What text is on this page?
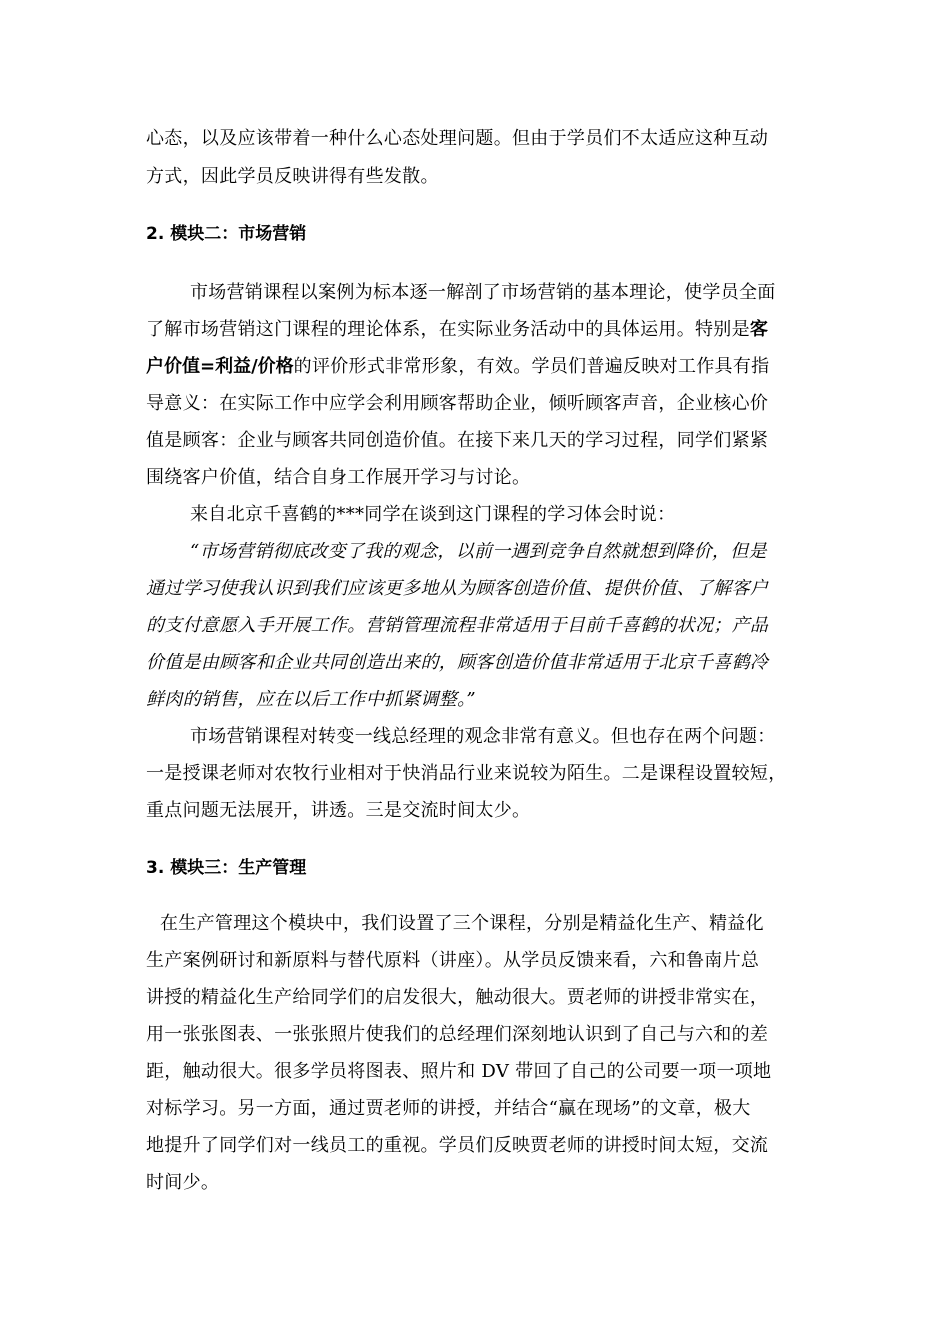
心态，以及应该带着一种什么心态处理问题。但由于学员们不太适应这种互动
方式，因此学员反映讲得有些发散。
2. 模块二：市场营销
市场营销课程以案例为标本逐一解剖了市场营销的基本理论，使学员全面
了解市场营销这门课程的理论体系，在实际业务活动中的具体运用。特别是客
户价值=利益/价格的评价形式非常形象，有效。学员们普遍反映对工作具有指
导意义：在实际工作中应学会利用顾客帮助企业，倾听顾客声音，企业核心价
值是顾客：企业与顾客共同创造价值。在接下来几天的学习过程，同学们紧紧
围绕客户价值，结合自身工作展开学习与讨论。
来自北京千喜鹤的***同学在谈到这门课程的学习体会时说：
“市场营销彻底改变了我的观念，以前一遇到竞争自然就想到降价，但是
通过学习使我认识到我们应该更多地从为顾客创造价值、提供价值、了解客户
的支付意愿入手开展工作。营销管理流程非常适用于目前千喜鹤的状况；产品
价值是由顾客和企业共同创造出来的，顾客创造价值非常适用于北京千喜鹤冷
鲜肉的销售，应在以后工作中抓紧调整。”
市场营销课程对转变一线总经理的观念非常有意义。但也存在两个问题：
一是授课老师对农牧行业相对于快消品行业来说较为陌生。二是课程设置较短，
重点问题无法展开，讲透。三是交流时间太少。
3. 模块三：生产管理
在生产管理这个模块中，我们设置了三个课程，分别是精益化生产、精益化
生产案例研讨和新原料与替代原料（讲座）。从学员反馈来看，六和鲁南片总
讲授的精益化生产给同学们的启发很大，触动很大。贾老师的讲授非常实在，
用一张张图表、一张张照片使我们的总经理们深刻地认识到了自己与六和的差
距，触动很大。很多学员将图表、照片和 DV 带回了自己的公司要一项一项地
对标学习。另一方面，通过贾老师的讲授，并结合“赢在现场”的文章，极大
地提升了同学们对一线员工的重视。学员们反映贾老师的讲授时间太短，交流
时间少。
